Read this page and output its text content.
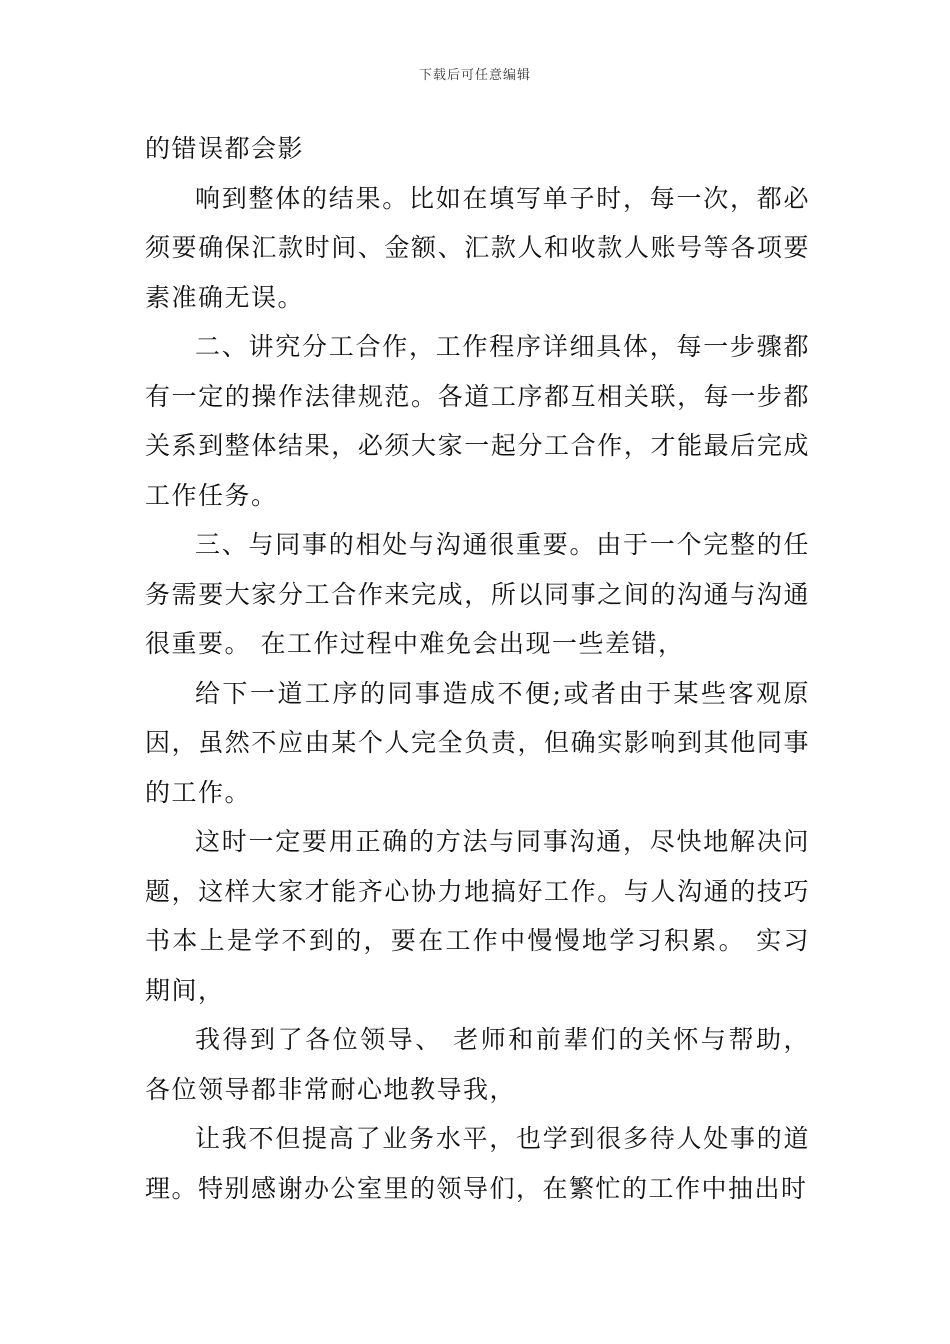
下载后可任意编辑

的错误都会影

响到整体的结果。比如在填写单子时，每一次，都必须要确保汇款时间、金额、汇款人和收款人账号等各项要素准确无误。

二、讲究分工合作，工作程序详细具体，每一步骤都有一定的操作法律规范。各道工序都互相关联，每一步都关系到整体结果，必须大家一起分工合作，才能最后完成工作任务。

三、与同事的相处与沟通很重要。由于一个完整的任务需要大家分工合作来完成，所以同事之间的沟通与沟通很重要。 在工作过程中难免会出现一些差错，

给下一道工序的同事造成不便;或者由于某些客观原因，虽然不应由某个人完全负责，但确实影响到其他同事的工作。

这时一定要用正确的方法与同事沟通，尽快地解决问题，这样大家才能齐心协力地搞好工作。与人沟通的技巧书本上是学不到的，要在工作中慢慢地学习积累。 实习期间，

我得到了各位领导、 老师和前辈们的关怀与帮助，各位领导都非常耐心地教导我，

让我不但提高了业务水平，也学到很多待人处事的道理。特别感谢办公室里的领导们，在繁忙的工作中抽出时
